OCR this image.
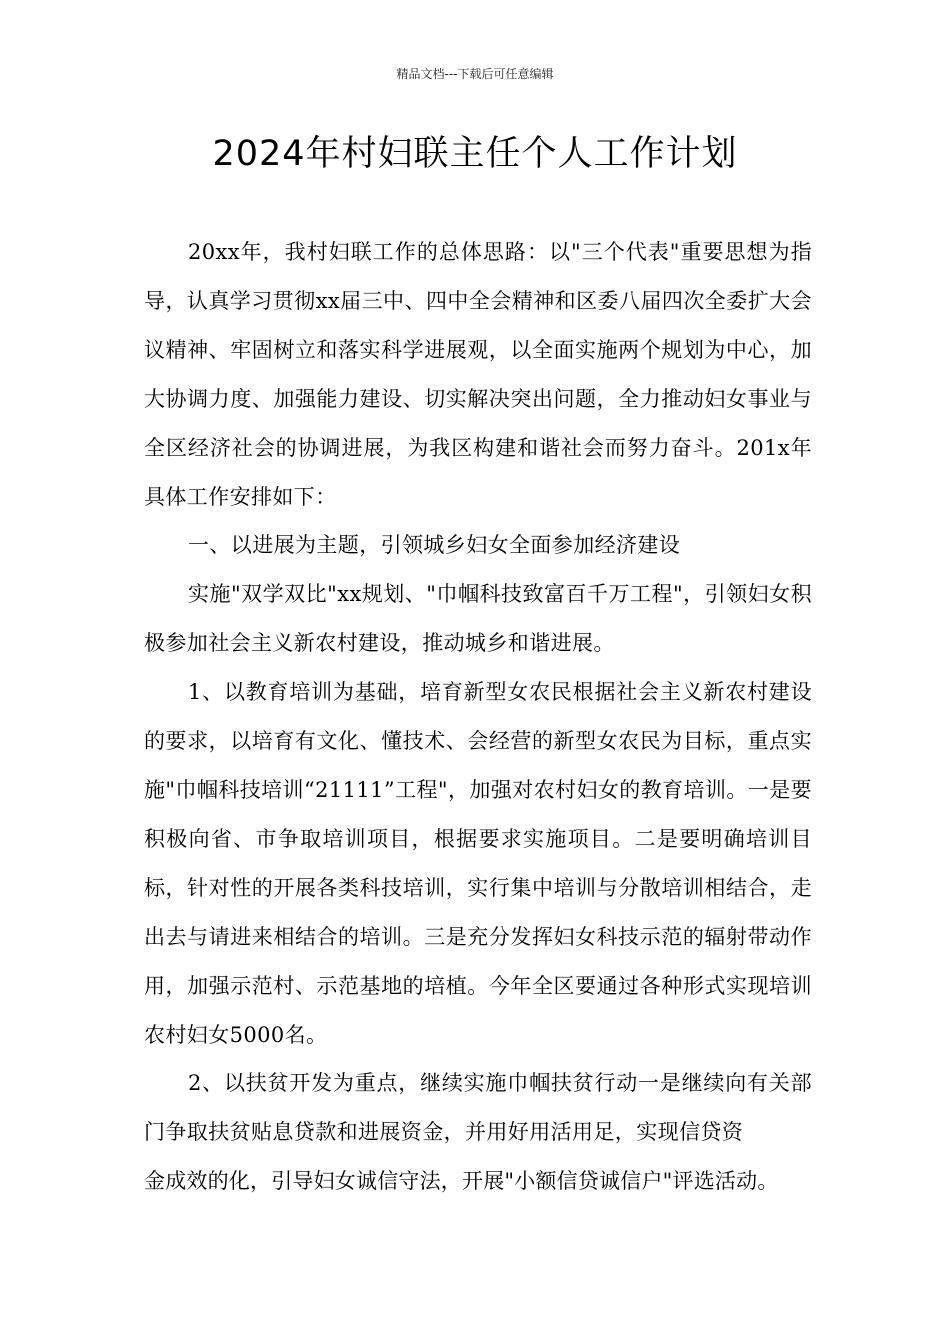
精品文档---下载后可任意编辑
2024年村妇联主任个人工作计划

20xx年，我村妇联工作的总体思路：以"三个代表"重要思想为指导，认真学习贯彻xx届三中、四中全会精神和区委八届四次全委扩大会议精神、牢固树立和落实科学进展观，以全面实施两个规划为中心，加大协调力度、加强能力建设、切实解决突出问题，全力推动妇女事业与全区经济社会的协调进展，为我区构建和谐社会而努力奋斗。201x年具体工作安排如下：

一、以进展为主题，引领城乡妇女全面参加经济建设

实施"双学双比"xx规划、"巾帼科技致富百千万工程"，引领妇女积极参加社会主义新农村建设，推动城乡和谐进展。

1、以教育培训为基础，培育新型女农民根据社会主义新农村建设的要求，以培育有文化、懂技术、会经营的新型女农民为目标，重点实施"巾帼科技培训“21111”工程"，加强对农村妇女的教育培训。一是要积极向省、市争取培训项目，根据要求实施项目。二是要明确培训目标，针对性的开展各类科技培训，实行集中培训与分散培训相结合，走出去与请进来相结合的培训。三是充分发挥妇女科技示范的辐射带动作用，加强示范村、示范基地的培植。今年全区要通过各种形式实现培训农村妇女5000名。

2、以扶贫开发为重点，继续实施巾帼扶贫行动一是继续向有关部门争取扶贫贴息贷款和进展资金，并用好用活用足，实现信贷资

金成效的化，引导妇女诚信守法，开展"小额信贷诚信户"评选活动。
